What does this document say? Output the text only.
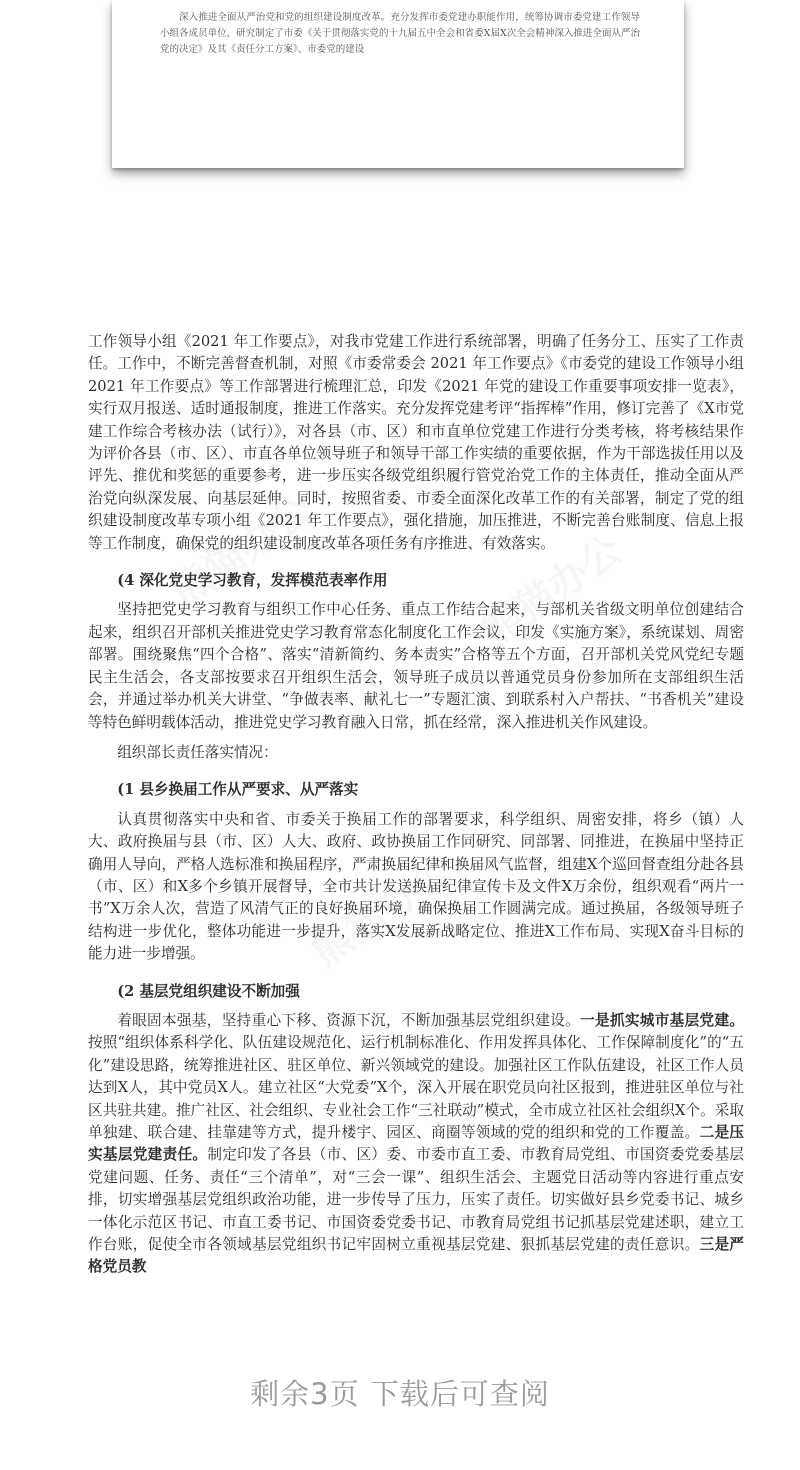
深入推进全面从严治党和党的组织建设制度改革。充分发挥市委党建办职能作用，统筹协调市委党建工作领导小组各成员单位，研究制定了市委《关于贯彻落实党的十九届五中全会和省委X届X次全会精神深入推进全面从严治党的决定》及其《责任分工方案》、市委党的建设

工作领导小组《2021 年工作要点》，对我市党建工作进行系统部署，明确了任务分工、压实了工作责任。工作中，不断完善督查机制，对照《市委常委会 2021 年工作要点》《市委党的建设工作领导小组 2021 年工作要点》等工作部署进行梳理汇总，印发《2021 年党的建设工作重要事项安排一览表》，实行双月报送、适时通报制度，推进工作落实。充分发挥党建考评“指挥棒”作用，修订完善了《X市党建工作综合考核办法（试行）》，对各县（市、区）和市直单位党建工作进行分类考核，将考核结果作为评价各县（市、区）、市直各单位领导班子和领导干部工作实绩的重要依据，作为干部选拔任用以及评先、推优和奖惩的重要参考，进一步压实各级党组织履行管党治党工作的主体责任，推动全面从严治党向纵深发展、向基层延伸。同时，按照省委、市委全面深化改革工作的有关部署，制定了党的组织建设制度改革专项小组《2021 年工作要点》，强化措施，加压推进，不断完善台账制度、信息上报等工作制度，确保党的组织建设制度改革各项任务有序推进、有效落实。

(4 深化党史学习教育，发挥模范表率作用

坚持把党史学习教育与组织工作中心任务、重点工作结合起来，与部机关省级文明单位创建结合起来，组织召开部机关推进党史学习教育常态化制度化工作会议，印发《实施方案》，系统谋划、周密部署。围绕聚焦“四个合格”、落实“清新简约、务本责实”合格等五个方面，召开部机关党风党纪专题民主生活会，各支部按要求召开组织生活会，领导班子成员以普通党员身份参加所在支部组织生活会，并通过举办机关大讲堂、“争做表率、献礼七一”专题汇演、到联系村入户帮扶、“书香机关”建设等特色鲜明载体活动，推进党史学习教育融入日常，抓在经常，深入推进机关作风建设。

组织部长责任落实情况：

(1 县乡换届工作从严要求、从严落实

认真贯彻落实中央和省、市委关于换届工作的部署要求，科学组织、周密安排，将乡（镇）人大、政府换届与县（市、区）人大、政府、政协换届工作同研究、同部署、同推进，在换届中坚持正确用人导向，严格人选标准和换届程序，严肃换届纪律和换届风气监督，组建X个巡回督查组分赴各县（市、区）和X多个乡镇开展督导，全市共计发送换届纪律宣传卡及文件X万余份，组织观看“两片一书”X万余人次，营造了风清气正的良好换届环境，确保换届工作圆满完成。通过换届，各级领导班子结构进一步优化，整体功能进一步提升，落实X发展新战略定位、推进X工作布局、实现X奋斗目标的能力进一步增强。

(2 基层党组织建设不断加强

着眼固本强基，坚持重心下移、资源下沉，不断加强基层党组织建设。一是抓实城市基层党建。按照“组织体系科学化、队伍建设规范化、运行机制标准化、作用发挥具体化、工作保障制度化”的“五化”建设思路，统筹推进社区、驻区单位、新兴领域党的建设。加强社区工作队伍建设，社区工作人员达到X人，其中党员X人。建立社区“大党委”X个，深入开展在职党员向社区报到，推进驻区单位与社区共驻共建。推广社区、社会组织、专业社会工作“三社联动”模式，全市成立社区社会组织X个。采取单独建、联合建、挂靠建等方式，提升楼宇、园区、商圈等领域的党的组织和党的工作覆盖。二是压实基层党建责任。制定印发了各县（市、区）委、市委市直工委、市教育局党组、市国资委党委基层党建问题、任务、责任“三个清单”，对“三会一课”、组织生活会、主题党日活动等内容进行重点安排，切实增强基层党组织政治功能，进一步传导了压力，压实了责任。切实做好县乡党委书记、城乡一体化示范区书记、市直工委书记、市国资委党委书记、市教育局党组书记抓基层党建述职，建立工作台账，促使全市各领域基层党组织书记牢固树立重视基层党建、狠抓基层党建的责任意识。三是严格党员教

剩余3页 下载后可查阅
